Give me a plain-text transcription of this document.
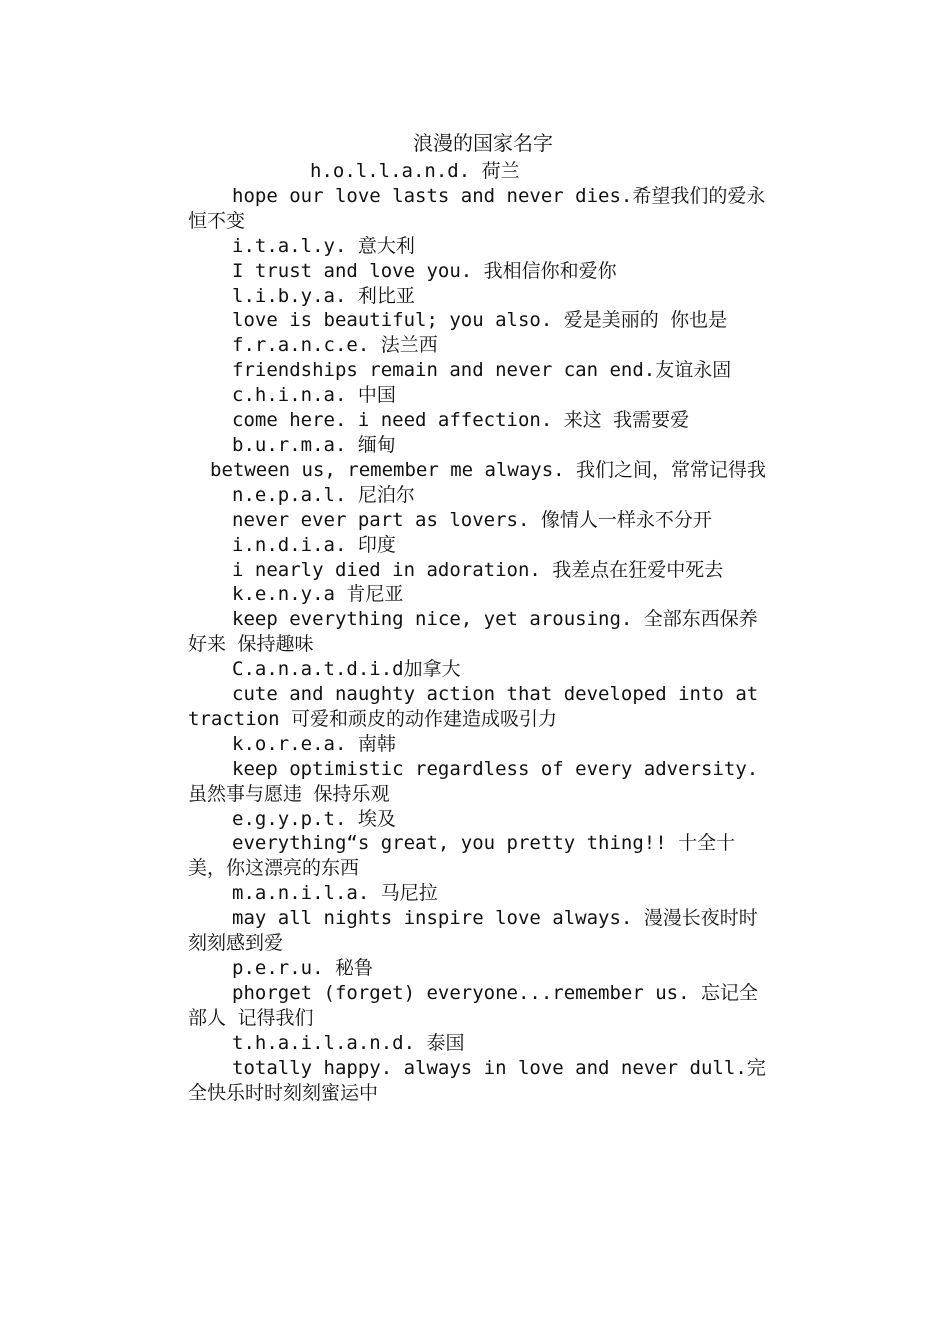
浪漫的国家名字
h.o.l.l.a.n.d. 荷兰
hope our love lasts and never dies.希望我们的爱永恒不变
i.t.a.l.y. 意大利
I trust and love you. 我相信你和爱你
l.i.b.y.a. 利比亚
love is beautiful; you also. 爱是美丽的 你也是
f.r.a.n.c.e. 法兰西
friendships remain and never can end.友谊永固
c.h.i.n.a. 中国
come here. i need affection. 来这 我需要爱
b.u.r.m.a. 缅甸
between us, remember me always. 我们之间，常常记得我
n.e.p.a.l. 尼泊尔
never ever part as lovers. 像情人一样永不分开
i.n.d.i.a. 印度
i nearly died in adoration. 我差点在狂爱中死去
k.e.n.y.a 肯尼亚
keep everything nice, yet arousing. 全部东西保养好来 保持趣味
C.a.n.a.t.d.i.d加拿大
cute and naughty action that developed into attraction 可爱和顽皮的动作建造成吸引力
k.o.r.e.a. 南韩
keep optimistic regardless of every adversity. 虽然事与愿违 保持乐观
e.g.y.p.t. 埃及
everything“s great, you pretty thing!! 十全十美，你这漂亮的东西
m.a.n.i.l.a. 马尼拉
may all nights inspire love always. 漫漫长夜时时刻刻感到爱
p.e.r.u. 秘鲁
phorget (forget) everyone...remember us. 忘记全部人 记得我们
t.h.a.i.l.a.n.d. 泰国
totally happy. always in love and never dull.完全快乐时时刻刻蜜运中
